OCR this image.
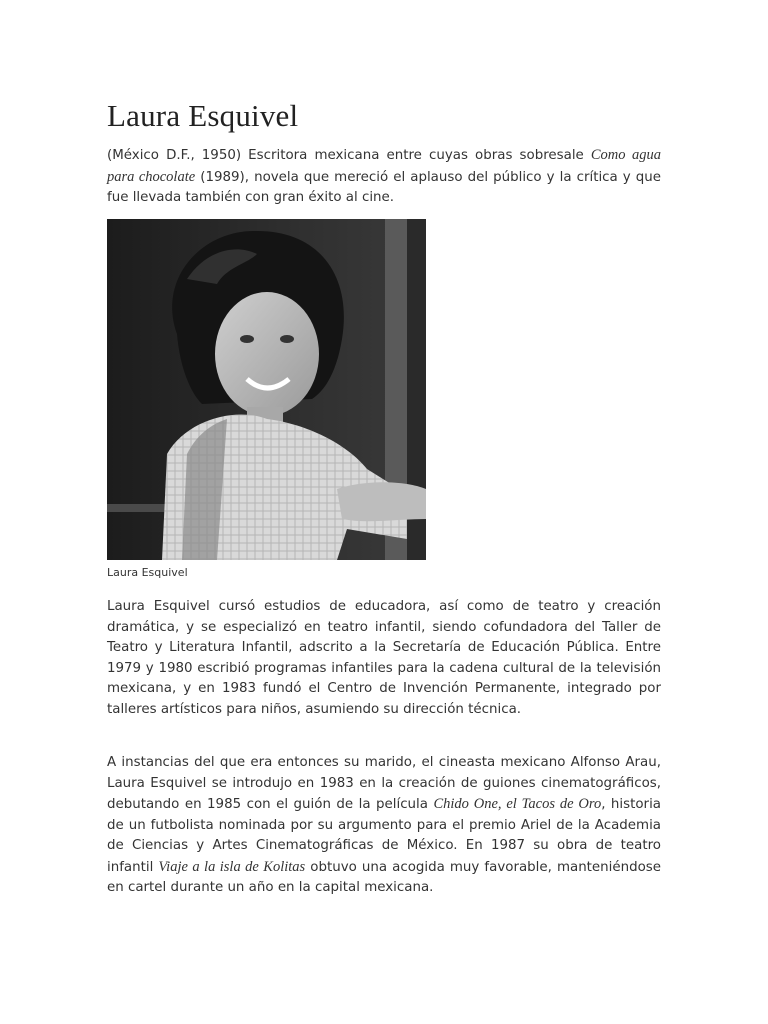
Laura Esquivel

(México D.F., 1950) Escritora mexicana entre cuyas obras sobresale Como agua para chocolate (1989), novela que mereció el aplauso del público y la crítica y que fue llevada también con gran éxito al cine.

Laura Esquivel

Laura Esquivel cursó estudios de educadora, así como de teatro y creación dramática, y se especializó en teatro infantil, siendo cofundadora del Taller de Teatro y Literatura Infantil, adscrito a la Secretaría de Educación Pública. Entre 1979 y 1980 escribió programas infantiles para la cadena cultural de la televisión mexicana, y en 1983 fundó el Centro de Invención Permanente, integrado por talleres artísticos para niños, asumiendo su dirección técnica.

A instancias del que era entonces su marido, el cineasta mexicano Alfonso Arau, Laura Esquivel se introdujo en 1983 en la creación de guiones cinematográficos, debutando en 1985 con el guión de la película Chido One, el Tacos de Oro, historia de un futbolista nominada por su argumento para el premio Ariel de la Academia de Ciencias y Artes Cinematográficas de México. En 1987 su obra de teatro infantil Viaje a la isla de Kolitas obtuvo una acogida muy favorable, manteniéndose en cartel durante un año en la capital mexicana.
